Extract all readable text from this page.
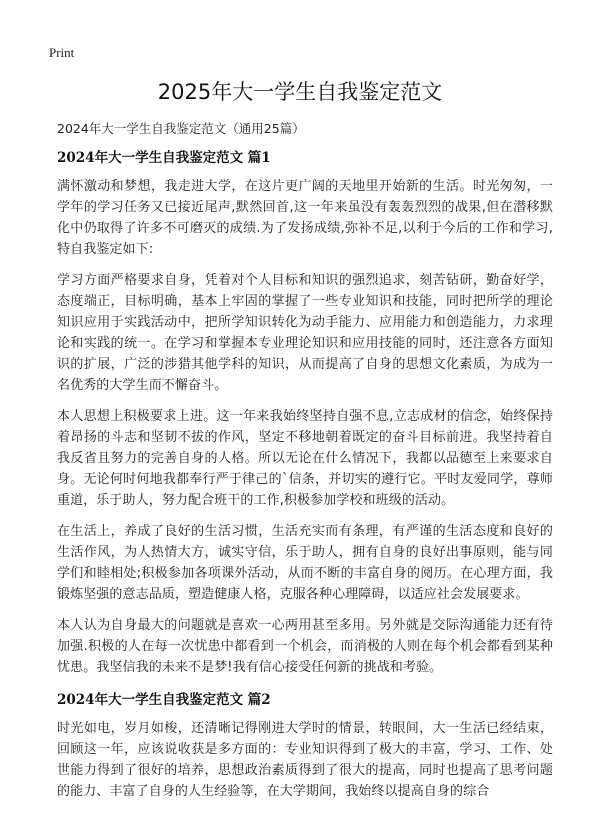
Print
2025年大一学生自我鉴定范文
2024年大一学生自我鉴定范文（通用25篇）
2024年大一学生自我鉴定范文 篇1

满怀激动和梦想，我走进大学，在这片更广阔的天地里开始新的生活。时光匆匆，一学年的学习任务又已接近尾声,默然回首,这一年来虽没有轰轰烈烈的战果,但在潜移默化中仍取得了许多不可磨灭的成绩.为了发扬成绩,弥补不足,以利于今后的工作和学习,特自我鉴定如下:

学习方面严格要求自身，凭着对个人目标和知识的强烈追求，刻苦钻研，勤奋好学，态度端正，目标明确，基本上牢固的掌握了一些专业知识和技能，同时把所学的理论知识应用于实践活动中，把所学知识转化为动手能力、应用能力和创造能力，力求理论和实践的统一。在学习和掌握本专业理论知识和应用技能的同时，还注意各方面知识的扩展，广泛的涉猎其他学科的知识，从而提高了自身的思想文化素质，为成为一名优秀的大学生而不懈奋斗。

本人思想上积极要求上进。这一年来我始终坚持自强不息,立志成材的信念，始终保持着昂扬的斗志和坚韧不拔的作风，坚定不移地朝着既定的奋斗目标前进。我坚持着自我反省且努力的完善自身的人格。所以无论在什么情况下，我都以品德至上来要求自身。无论何时何地我都奉行严于律己的`信条，并切实的遵行它。平时友爱同学，尊师重道，乐于助人，努力配合班干的工作,积极参加学校和班级的活动。

在生活上，养成了良好的生活习惯，生活充实而有条理，有严谨的生活态度和良好的生活作风，为人热情大方，诚实守信，乐于助人，拥有自身的良好出事原则，能与同学们和睦相处;积极参加各项课外活动，从而不断的丰富自身的阅历。在心理方面，我锻炼坚强的意志品质，塑造健康人格，克服各种心理障碍，以适应社会发展要求。

本人认为自身最大的问题就是喜欢一心两用甚至多用。另外就是交际沟通能力还有待加强.积极的人在每一次忧患中都看到一个机会，而消极的人则在每个机会都看到某种忧患。我坚信我的未来不是梦!我有信心接受任何新的挑战和考验。

2024年大一学生自我鉴定范文 篇2

时光如电，岁月如梭，还清晰记得刚进大学时的情景，转眼间，大一生活已经结束，回顾这一年，应该说收获是多方面的：专业知识得到了极大的丰富，学习、工作、处世能力得到了很好的培养，思想政治素质得到了很大的提高，同时也提高了思考问题的能力、丰富了自身的人生经验等，在大学期间，我始终以提高自身的综合
